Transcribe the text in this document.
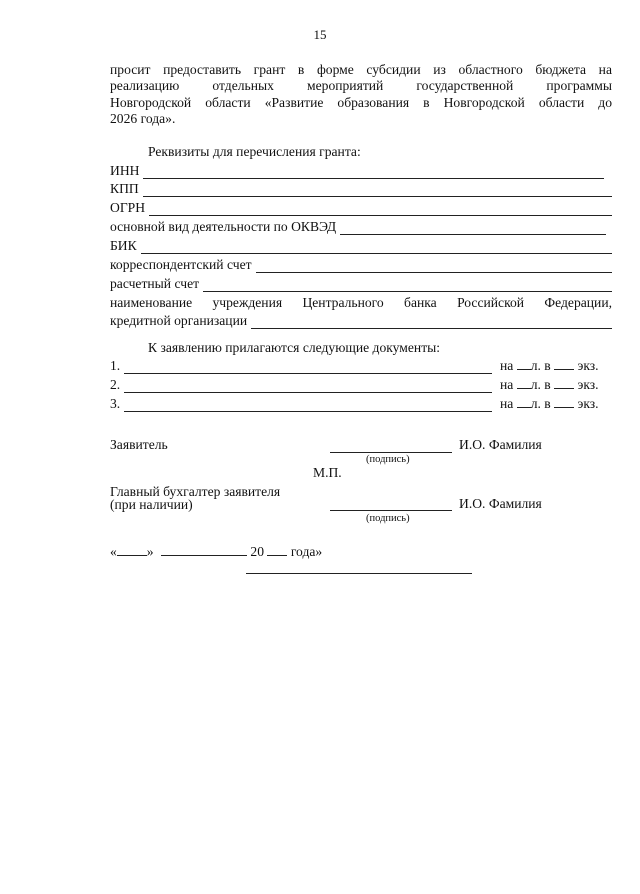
15
просит предоставить грант в форме субсидии из областного бюджета на
реализацию отдельных мероприятий государственной программы
Новгородской области «Развитие образования в Новгородской области до
2026 года».
Реквизиты для перечисления гранта:
ИНН
КПП
ОГРН
основной вид деятельности по ОКВЭД
БИК
корреспондентский счет
расчетный счет
наименование учреждения Центрального банка Российской Федерации,
кредитной организации
К заявлению прилагаются следующие документы:
1.	на л. в экз.
2.	на л. в экз.
3.	на л. в экз.
Заявитель	И.О. Фамилия
(подпись)
М.П.
Главный бухгалтер заявителя
(при наличии)	И.О. Фамилия
(подпись)
« »	20 года»
